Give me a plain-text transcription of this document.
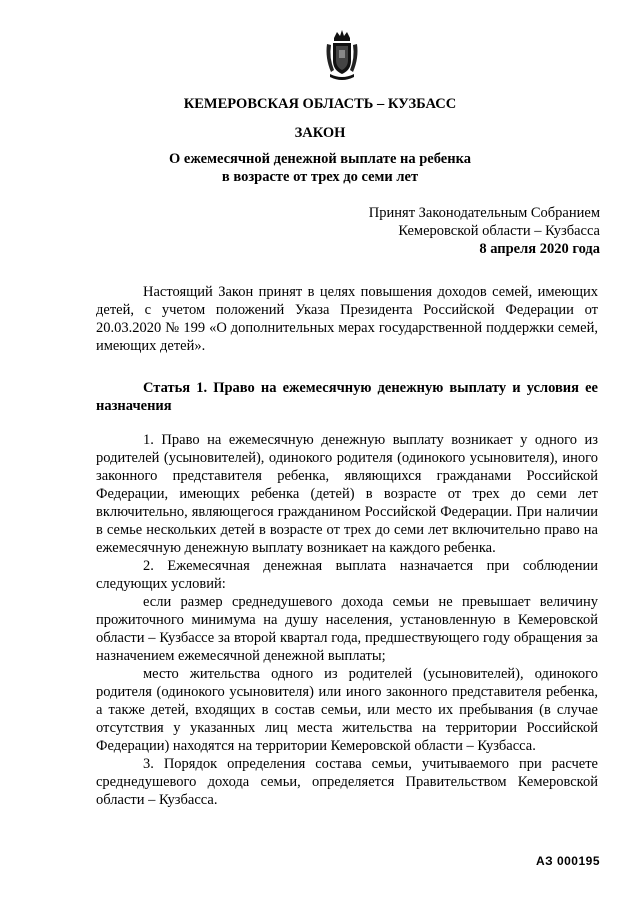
КЕМЕРОВСКАЯ ОБЛАСТЬ – КУЗБАСС
ЗАКОН
О ежемесячной денежной выплате на ребенка
в возрасте от трех до семи лет
Принят Законодательным Собранием
Кемеровской области – Кузбасса
8 апреля 2020 года

Настоящий Закон принят в целях повышения доходов семей, имеющих детей, с учетом положений Указа Президента Российской Федерации от 20.03.2020 № 199 «О дополнительных мерах государственной поддержки семей, имеющих детей».

Статья 1. Право на ежемесячную денежную выплату и условия ее назначения

1. Право на ежемесячную денежную выплату возникает у одного из родителей (усыновителей), одинокого родителя (одинокого усыновителя), иного законного представителя ребенка, являющихся гражданами Российской Федерации, имеющих ребенка (детей) в возрасте от трех до семи лет включительно, являющегося гражданином Российской Федерации. При наличии в семье нескольких детей в возрасте от трех до семи лет включительно право на ежемесячную денежную выплату возникает на каждого ребенка.

2. Ежемесячная денежная выплата назначается при соблюдении следующих условий:

если размер среднедушевого дохода семьи не превышает величину прожиточного минимума на душу населения, установленную в Кемеровской области – Кузбассе за второй квартал года, предшествующего году обращения за назначением ежемесячной денежной выплаты;

место жительства одного из родителей (усыновителей), одинокого родителя (одинокого усыновителя) или иного законного представителя ребенка, а также детей, входящих в состав семьи, или место их пребывания (в случае отсутствия у указанных лиц места жительства на территории Российской Федерации) находятся на территории Кемеровской области – Кузбасса.

3. Порядок определения состава семьи, учитываемого при расчете среднедушевого дохода семьи, определяется Правительством Кемеровской области – Кузбасса.

АЗ 000195
